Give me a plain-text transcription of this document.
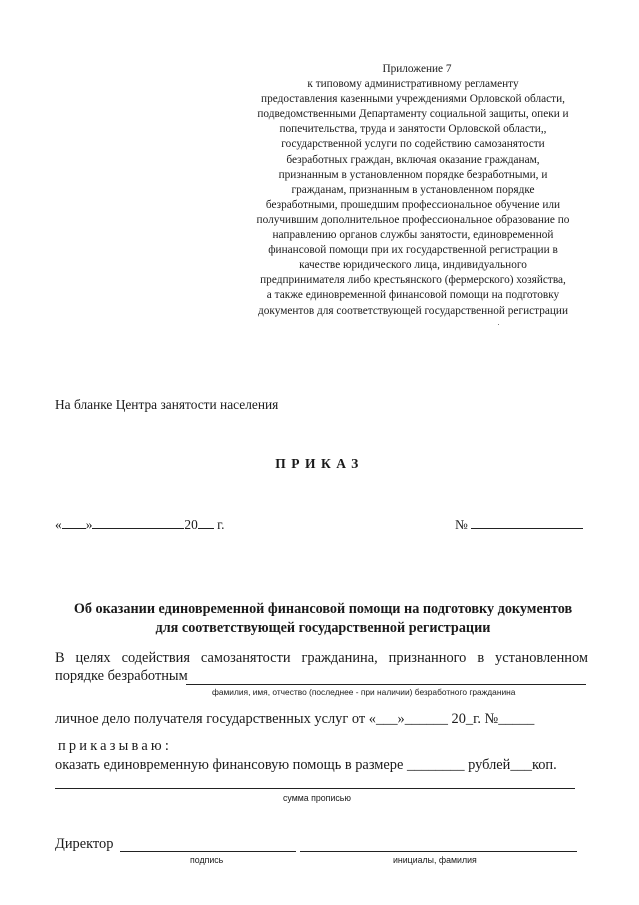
Приложение 7
к типовому административному регламенту
предоставления казенными учреждениями Орловской области,
подведомственными Департаменту социальной защиты, опеки и
попечительства, труда и занятости Орловской области,,
государственной услуги по содействию самозанятости
безработных граждан, включая оказание гражданам,
признанным в установленном порядке безработными, и
гражданам, признанным в установленном порядке
безработными, прошедшим профессиональное обучение или
получившим дополнительное профессиональное образование по
направлению органов службы занятости, единовременной
финансовой помощи при их государственной регистрации в
качестве юридического лица, индивидуального
предпринимателя либо крестьянского (фермерского) хозяйства,
а также единовременной финансовой помощи на подготовку
документов для соответствующей государственной регистрации
На бланке Центра занятости населения
ПРИКАЗ
« »	20 г.	№
Об оказании единовременной финансовой помощи на подготовку документов
для соответствующей государственной регистрации
В целях содействия самозанятости гражданина, признанного в установленном
порядке безработным
фамилия, имя, отчество (последнее - при наличии) безработного гражданина
личное дело получателя государственных услуг от «___»______ 20_г. №_____
приказываю:
оказать единовременную финансовую помощь в размере ________ рублей___коп.
сумма прописью
Директор
подпись	инициалы, фамилия
